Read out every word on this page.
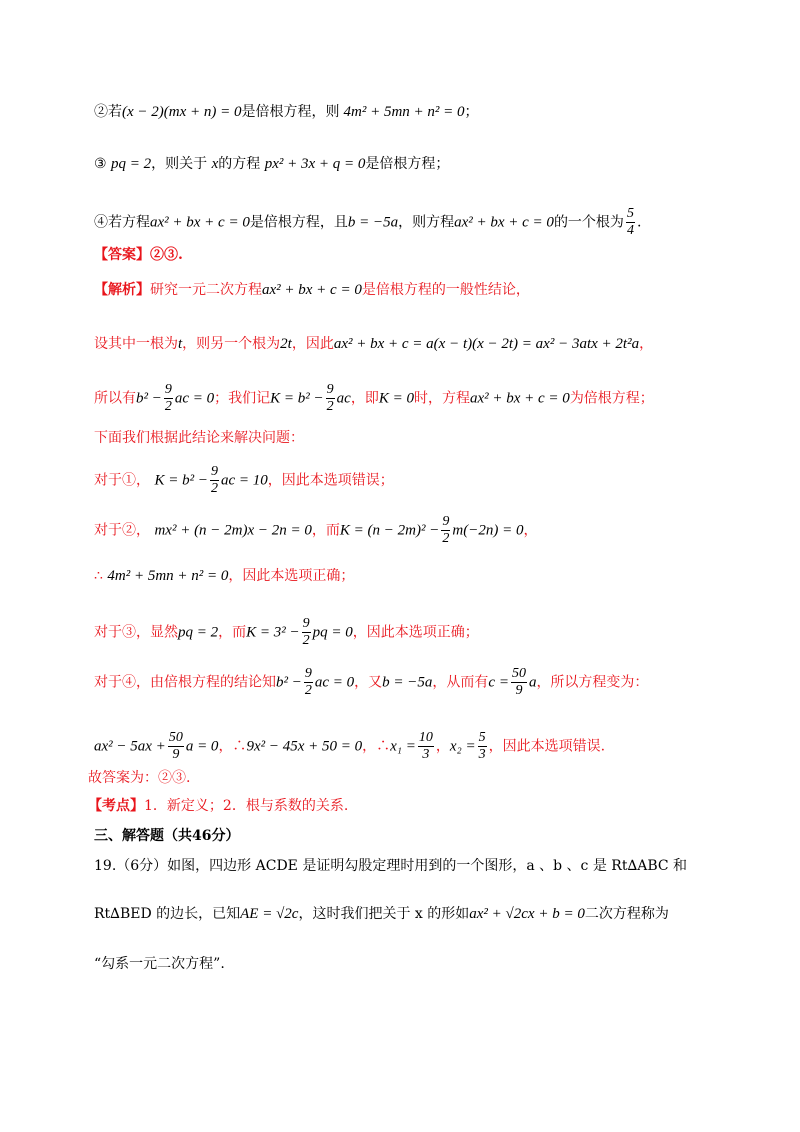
②若(x − 2)(mx + n) = 0是倍根方程，则 4m² + 5mn + n² = 0；
③ pq = 2，则关于 x的方程 px² + 3x + q = 0是倍根方程；
④若方程ax² + bx + c = 0是倍根方程，且b = −5a，则方程ax² + bx + c = 0的一个根为 $\frac{5}{4}$ .
【答案】②③.
【解析】研究一元二次方程ax² + bx + c = 0是倍根方程的一般性结论，
设其中一根为t，则另一个根为2t，因此ax² + bx + c = a(x − t)(x − 2t) = ax² − 3atx + 2t²a，
所以有$b^2 - \frac{9}{2}$ ac = 0；我们记$K = b^2 - \frac{9}{2}$ ac，即K = 0时，方程ax² + bx + c = 0为倍根方程；
下面我们根据此结论来解决问题：
对于①， $K = b^2 - \frac{9}{2}$ ac = 10，因此本选项错误；
对于②， mx² + (n − 2m)x − 2n = 0，而$K = (n - 2m)^2 - \frac{9}{2} m(-2n) = 0$，
∴ 4m² + 5mn + n² = 0，因此本选项正确；
对于③，显然pq = 2，而$K = 3^2 - \frac{9}{2}$ pq = 0，因此本选项正确；
对于④，由倍根方程的结论知$b^2 - \frac{9}{2}$ ac = 0，又b = −5a，从而有$c = \frac{50}{9}$ a，所以方程变为：
$ax^2 - 5ax + \frac{50}{9}$ a = 0，∴9x² − 45x + 50 = 0，∴x₁ = $\frac{10}{3}$ ，$x_2 = \frac{5}{3}$ ，因此本选项错误.
故答案为：②③.
【考点】1．新定义；2．根与系数的关系.
三、解答题（共46分）
19.（6分）如图，四边形 ACDE 是证明勾股定理时用到的一个图形，a 、b 、c 是 Rt∆ABC 和
Rt∆BED 的边长，已知AE = √2c，这时我们把关于 x 的形如ax² + √2cx + b = 0二次方程称为
“勾系一元二次方程”.
